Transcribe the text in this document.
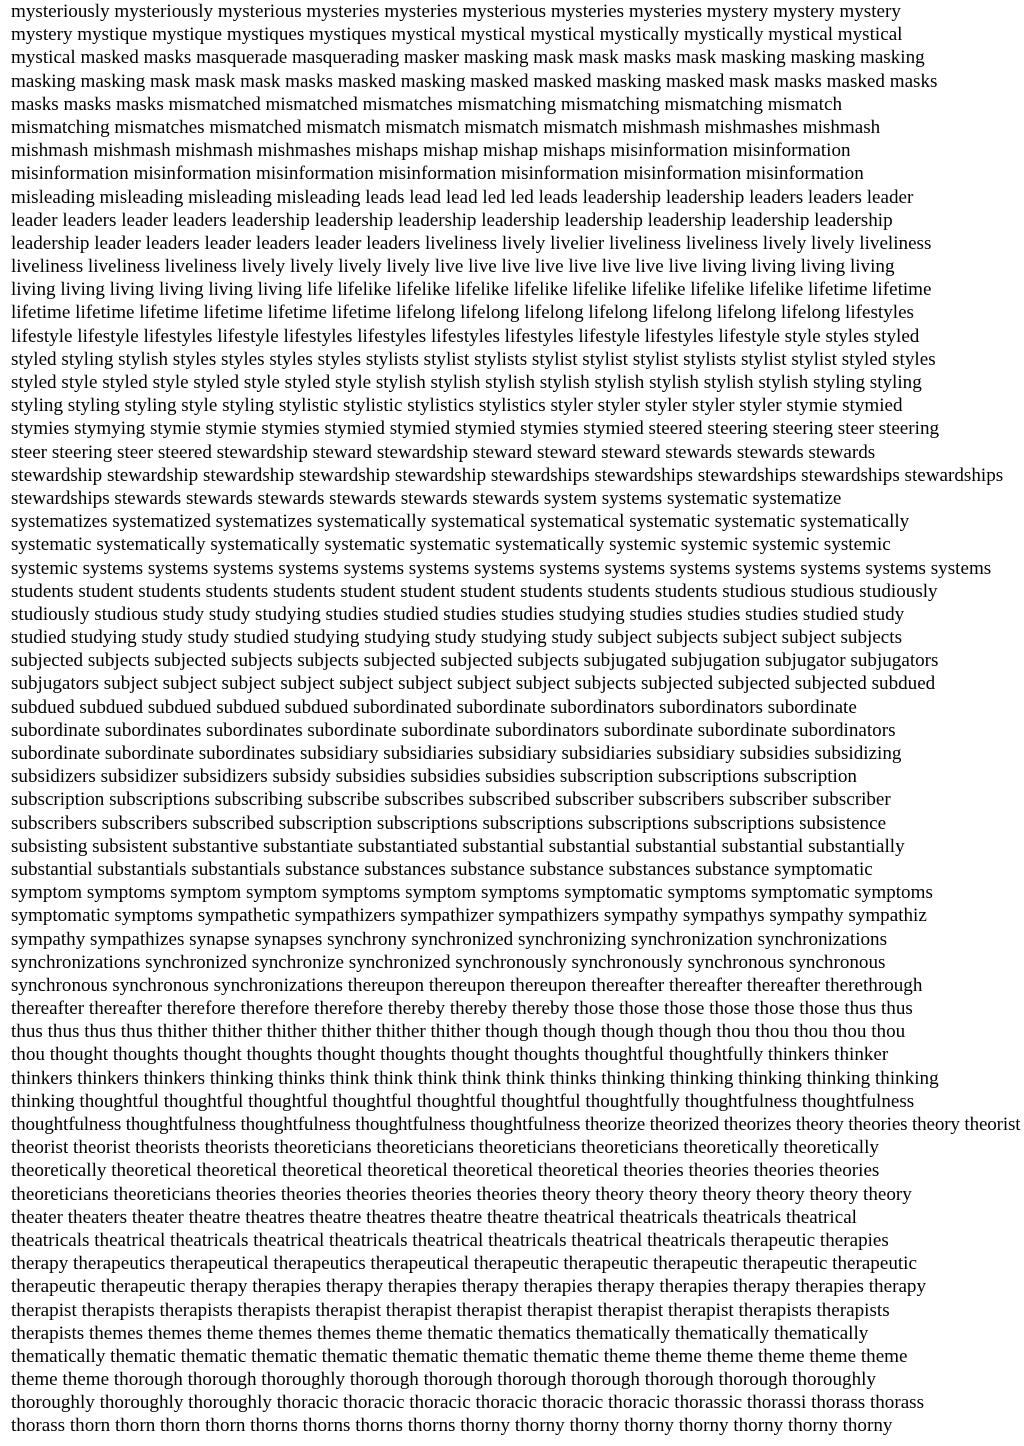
mysteriously mysteriously mysterious mysteries mysteries mysterious mysteries mysteries mystery mystery mystery
mystery mystique mystique mystiques mystiques mystical mystical mystical mystically mystically mystical mystical
mystical masked masks masquerade masquerading masker masking mask mask masks mask masking masking masking
masking masking mask mask mask masks masked masking masked masked masking masked mask masks masked masks
masks masks masks mismatched mismatched mismatches mismatching mismatching mismatching mismatch
mismatching mismatches mismatched mismatch mismatch mismatch mismatch mishmash mishmashes mishmash
mishmash mishmash mishmash mishmashes mishaps mishap mishap mishaps misinformation misinformation
misinformation misinformation misinformation misinformation misinformation misinformation misinformation
misleading misleading misleading misleading leads lead lead led led leads leadership leadership leaders leaders leader
leader leaders leader leaders leadership leadership leadership leadership leadership leadership leadership leadership
leadership leader leaders leader leaders leader leaders liveliness lively livelier liveliness liveliness lively lively liveliness
liveliness liveliness liveliness lively lively lively lively live live live live live live live live living living living living
living living living living living living life lifelike lifelike lifelike lifelike lifelike lifelike lifelike lifelike lifetime lifetime
lifetime lifetime lifetime lifetime lifetime lifetime lifelong lifelong lifelong lifelong lifelong lifelong lifelong lifestyles
lifestyle lifestyle lifestyles lifestyle lifestyles lifestyles lifestyles lifestyles lifestyle lifestyles lifestyle style styles styled
styled styling stylish styles styles styles styles stylists stylist stylists stylist stylist stylist stylists stylist stylist styled styles
styled style styled style styled style styled style stylish stylish stylish stylish stylish stylish stylish stylish styling styling
styling styling styling style styling stylistic stylistic stylistics stylistics styler styler styler styler styler stymie stymied
stymies stymying stymie stymie stymies stymied stymied stymied stymies stymied steered steering steering steer steering
steer steering steer steered stewardship steward stewardship steward steward steward stewards stewards stewards
stewardship stewardship stewardship stewardship stewardship stewardships stewardships stewardships stewardships stewardships
stewardships stewards stewards stewards stewards stewards stewards system systems systematic systematize
systematizes systematized systematizes systematically systematical systematical systematic systematic systematically
systematic systematically systematically systematic systematic systematically systemic systemic systemic systemic
systemic systems systems systems systems systems systems systems systems systems systems systems systems systems systems
students student students students students student student student students students students studious studious studiously
studiously studious study study studying studies studied studies studies studying studies studies studies studied study
studied studying study study studied studying studying study studying study subject subjects subject subject subjects
subjected subjects subjected subjects subjects subjected subjected subjects subjugated subjugation subjugator subjugators
subjugators subject subject subject subject subject subject subject subject subjects subjected subjected subjected subdued
subdued subdued subdued subdued subdued subordinated subordinate subordinators subordinators subordinate
subordinate subordinates subordinates subordinate subordinate subordinators subordinate subordinate subordinators
subordinate subordinate subordinates subsidiary subsidiaries subsidiary subsidiaries subsidiary subsidies subsidizing
subsidizers subsidizer subsidizers subsidy subsidies subsidies subsidies subscription subscriptions subscription
subscription subscriptions subscribing subscribe subscribes subscribed subscriber subscribers subscriber subscriber
subscribers subscribers subscribed subscription subscriptions subscriptions subscriptions subscriptions subsistence
subsisting subsistent substantive substantiate substantiated substantial substantial substantial substantial substantially
substantial substantials substantials substance substances substance substance substances substance symptomatic
symptom symptoms symptom symptom symptoms symptom symptoms symptomatic symptoms symptomatic symptoms
symptomatic symptoms sympathetic sympathizers sympathizer sympathizers sympathy sympathys sympathy sympathiz
sympathy sympathizes synapse synapses synchrony synchronized synchronizing synchronization synchronizations
synchronizations synchronized synchronize synchronized synchronously synchronously synchronous synchronous
synchronous synchronous synchronizations thereupon thereupon thereupon thereafter thereafter thereafter therethrough
thereafter thereafter therefore therefore therefore thereby thereby thereby those those those those those those thus thus
thus thus thus thus thither thither thither thither thither thither though though though though thou thou thou thou thou
thou thought thoughts thought thoughts thought thoughts thought thoughts thoughtful thoughtfully thinkers thinker
thinkers thinkers thinkers thinking thinks think think think think think thinks thinking thinking thinking thinking thinking
thinking thoughtful thoughtful thoughtful thoughtful thoughtful thoughtful thoughtfully thoughtfulness thoughtfulness
thoughtfulness thoughtfulness thoughtfulness thoughtfulness thoughtfulness theorize theorized theorizes theory theories theory theorist
theorist theorist theorists theorists theoreticians theoreticians theoreticians theoreticians theoretically theoretically
theoretically theoretical theoretical theoretical theoretical theoretical theoretical theories theories theories theories
theoreticians theoreticians theories theories theories theories theories theory theory theory theory theory theory theory
theater theaters theater theatre theatres theatre theatres theatre theatre theatrical theatricals theatricals theatrical
theatricals theatrical theatricals theatrical theatricals theatrical theatricals theatrical theatricals therapeutic therapies
therapy therapeutics therapeutical therapeutics therapeutical therapeutic therapeutic therapeutic therapeutic therapeutic
therapeutic therapeutic therapy therapies therapy therapies therapy therapies therapy therapies therapy therapies therapy
therapist therapists therapists therapists therapist therapist therapist therapist therapist therapist therapists therapists
therapists themes themes theme themes themes theme thematic thematics thematically thematically thematically
thematically thematic thematic thematic thematic thematic thematic thematic theme theme theme theme theme theme
theme theme thorough thorough thoroughly thorough thorough thorough thorough thorough thorough thoroughly
thoroughly thoroughly thoroughly thoracic thoracic thoracic thoracic thoracic thoracic thorassic thorassi thorass thorass
thorass thorn thorn thorn thorn thorns thorns thorns thorns thorny thorny thorny thorny thorny thorny thorny thorny
